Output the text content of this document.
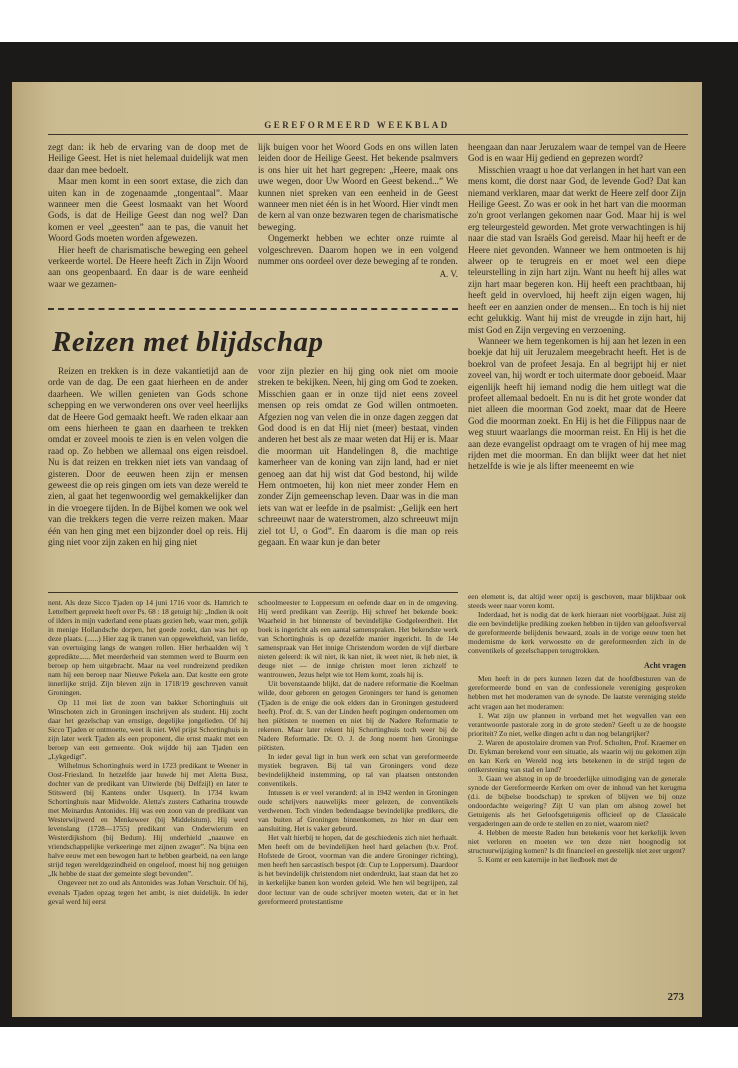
GEREFORMEERD WEEKBLAD

zegt dan: ik heb de ervaring van de doop met de Heilige Geest. Het is niet helemaal duidelijk wat men daar dan mee bedoelt.

Maar men komt in een soort extase, die zich dan uiten kan in de zogenaamde „tongentaal”. Maar wanneer men die Geest losmaakt van het Woord Gods, is dat de Heilige Geest dan nog wel? Dan komen er veel „geesten” aan te pas, die vanuit het Woord Gods moeten worden afgewezen.

Hier heeft de charismatische beweging een geheel verkeerde wortel. De Heere heeft Zich in Zijn Woord aan ons geopenbaard. En daar is de ware eenheid waar we gezamen-

lijk buigen voor het Woord Gods en ons willen laten leiden door de Heilige Geest. Het bekende psalmvers is ons hier uit het hart gegrepen: „Heere, maak ons uwe wegen, door Uw Woord en Geest bekend...” We kunnen niet spreken van een eenheid in de Geest wanneer men niet één is in het Woord. Hier vindt men de kern al van onze bezwaren tegen de charismatische beweging.

Ongemerkt hebben we echter onze ruimte al volgeschreven. Daarom hopen we in een volgend nummer ons oordeel over deze beweging af te ronden.

A. V.

heengaan dan naar Jeruzalem waar de tempel van de Heere God is en waar Hij gediend en geprezen wordt?

Misschien vraagt u hoe dat verlangen in het hart van een mens komt, die dorst naar God, de levende God? Dat kan niemand verklaren, maar dat werkt de Heere zelf door Zijn Heilige Geest. Zo was er ook in het hart van die moorman zo'n groot verlangen gekomen naar God. Maar hij is wel erg teleurgesteld geworden. Met grote verwachtingen is hij naar die stad van Israëls God gereisd. Maar hij heeft er de Heere niet gevonden. Wanneer we hem ontmoeten is hij alweer op te terugreis en er moet wel een diepe teleurstelling in zijn hart zijn. Want nu heeft hij alles wat zijn hart maar begeren kon. Hij heeft een prachtbaan, hij heeft geld in overvloed, hij heeft zijn eigen wagen, hij heeft eer en aanzien onder de mensen... En toch is hij niet echt gelukkig. Want hij mist de vreugde in zijn hart, hij mist God en Zijn vergeving en verzoening.

Wanneer we hem tegenkomen is hij aan het lezen in een boekje dat hij uit Jeruzalem meegebracht heeft. Het is de boekrol van de profeet Jesaja. En al begrijpt hij er niet zoveel van, hij wordt er toch uitermate door geboeid. Maar eigenlijk heeft hij iemand nodig die hem uitlegt wat die profeet allemaal bedoelt. En nu is dit het grote wonder dat niet alleen die moorman God zoekt, maar dat de Heere God die moorman zoekt. En Hij is het die Filippus naar de weg stuurt waarlangs die moorman reist. En Hij is het die aan deze evangelist opdraagt om te vragen of hij mee mag rijden met die moorman. En dan blijkt weer dat het niet hetzelfde is wie je als lifter meeneemt en wie

Reizen met blijdschap

Reizen en trekken is in deze vakantietijd aan de orde van de dag. De een gaat hierheen en de ander daarheen. We willen genieten van Gods schone schepping en we verwonderen ons over veel heerlijks dat de Heere God gemaakt heeft. We raden elkaar aan om eens hierheen te gaan en daarheen te trekken omdat er zoveel moois te zien is en velen volgen die raad op. Zo hebben we allemaal ons eigen reisdoel. Nu is dat reizen en trekken niet iets van vandaag of gisteren. Door de eeuwen heen zijn er mensen geweest die op reis gingen om iets van deze wereld te zien, al gaat het tegenwoordig wel gemakkelijker dan in die vroegere tijden. In de Bijbel komen we ook wel van die trekkers tegen die verre reizen maken. Maar één van hen ging met een bijzonder doel op reis. Hij ging niet voor zijn zaken en hij ging niet

voor zijn plezier en hij ging ook niet om mooie streken te bekijken. Neen, hij ging om God te zoeken. Misschien gaan er in onze tijd niet eens zoveel mensen op reis omdat ze God willen ontmoeten. Afgezien nog van velen die in onze dagen zeggen dat God dood is en dat Hij niet (meer) bestaat, vinden anderen het best als ze maar weten dat Hij er is. Maar die moorman uit Handelingen 8, die machtige kamerheer van de koning van zijn land, had er niet genoeg aan dat hij wist dat God bestond, hij wilde Hem ontmoeten, hij kon niet meer zonder Hem en zonder Zijn gemeenschap leven. Daar was in die man iets van wat er leefde in de psalmist: „Gelijk een hert schreeuwt naar de waterstromen, alzo schreeuwt mijn ziel tot U, o God”. En daarom is die man op reis gegaan. En waar kun je dan beter

nent. Als deze Sicco Tjaden op 14 juni 1716 voor ds. Hamrich te Lettelbert gepreekt heeft over Ps. 68 : 18 getuigt hij: „Indien ik ooit of ilders in mijn vaderland eene plaats gezien heb, waar men, gelijk in menige Hollandsche dorpen, het goede zoekt, dan was het op deze plaats. (......) Hier zag ik tranen van opgewektheid, van liefde, van overtuiging langs de wangen rollen. Hier herhaalden wij 't gepredikte...... Met meerderheid van stemmen werd te Buurm een beroep op hem uitgebracht. Maar na veel rondreizend prediken nam hij een beroep naar Nieuwe Pekela aan. Dat kostte een grote innerlijke strijd. Zijn bleven zijn in 1718/19 geschreven vanuit Groningen.

Op 11 mei liet de zoon van bakker Schortinghuis uit Winschoten zich in Groningen inschrijven als student. Hij zocht daar het gezelschap van ernstige, degelijke jongelieden. Of hij Sicco Tjaden er ontmoette, weet ik niet. Wel prijst Schortinghuis in zijn later werk Tjaden als een proponent, die ernst maakt met een beroep van een gemeente. Ook wijdde hij aan Tjaden een „Lykgedigt”.

Wilhelmus Schortinghuis werd in 1723 predikant te Weener in Oost-Friesland. In hetzelfde jaar huwde hij met Aletta Busz, dochter van de predikant van Uitwierde (bij Delfzijl) en later te Stitswerd (bij Kantens onder Usquert). In 1734 kwam Schortinghuis naar Midwolde. Aletta's zusters Catharina trouwde met Meinardus Antonides. Hij was een zoon van de predikant van Westerwijtwerd en Menkeweer (bij Middelstum). Hij werd levenslang (1728—1755) predikant van Onderwierum en Westerdijkshorn (bij Bedum). Hij onderhield „naauwe en vriendschappelijke verkeeringe met zijnen zwager”. Na bijna een halve eeuw met een bewogen hart te hebben gearbeid, na een lange strijd tegen wereldgezindheid en ongeloof, moest hij nog getuigen „Ik hebbe de staat der gemeinte slegt bevonden”.

Ongeveer net zo oud als Antonides was Johan Verschuir. Of hij, evenals Tjaden opzag tegen het ambt, is niet duidelijk. In ieder geval werd hij eerst

schoolmeester te Loppersum en oefende daar en in de omgeving. Hij werd predikant van Zeerijp. Hij schreef het bekende boek: Waarheid in het binnenste of bevindelijke Godgeleerdheit. Het boek is ingericht als een aantal samenspraken. Het bekendste werk van Schortinghuis is op dezelfde manier ingericht. In de 14e samenspraak van Het innige Christendom worden de vijf dierbare nieten geleerd: ik wil niet, ik kan niet, ik weet niet, ik heb niet, ik deuge niet — de innige christen moet leren zichzelf te wantrouwen, Jezus helpt wie tot Hem komt, zoals hij is.

Uit bovenstaande blijkt, dat de nadere reformatie die Koelman wilde, door geboren en getogen Groningers ter hand is genomen (Tjaden is de enige die ook elders dan in Groningen gestudeerd heeft). Prof. dr. S. van der Linden heeft pogingen ondernomen om hen piëtisten te noemen en niet bij de Nadere Reformatie te rekenen. Maar later rekent hij Schortinghuis toch weer bij de Nadere Reformatie. Dr. O. J. de Jong noemt hen Groningse piëtisten.

In ieder geval ligt in hun werk een schat van gereformeerde mystiek begraven. Bij tal van Groningers vond deze bevindelijkheid instemming, op tal van plaatsen ontstonden conventikels.

Intussen is er veel veranderd: al in 1942 werden in Groningen oude schrijvers nauwelijks meer gelezen, de conventikels verdwenen. Toch vinden bedendaagse bevindelijke predikers, die van buiten af Groningen binnenkomen, zo hier en daar een aansluiting. Het is vaker gebeurd.

Het valt hierbij te hopen, dat de geschiedenis zich niet herhaalt. Men heeft om de bevindelijken heel hard gelachen (b.v. Prof. Hofstede de Groot, voorman van die andere Groninger richting), men heeft hen sarcastisch bespot (dr. Cup te Loppersum). Daardoor is het bevindelijk christendom niet onderdrukt, laat staan dat het zo in kerkelijke banen kon worden geleid. Wie hen wil begrijpen, zal door lectuur van de oude schrijver moeten weten, dat er in het gereformeerd protestantisme

een element is, dat altijd weer opzij is geschoven, maar blijkbaar ook steeds weer naar voren komt.

Inderdaad, het is nodig dat de kerk hieraan niet voorbijgaat. Juist zij die een bevindelijke prediking zoeken hebben in tijden van geloofsverval de gereformeerde belijdenis bewaard, zoals in de vorige eeuw toen het modernisme de kerk verwoestte en de gereformeerden zich in de conventikels of gezelschappen terugtrokken.

Acht vragen

Men heeft in de pers kunnen lezen dat de hoofdbesturen van de gereformeerde bond en van de confessionele vereniging gesproken hebben met het moderamen van de synode. De laatste vereniging stelde acht vragen aan het moderamen:

1. Wat zijn uw plannen in verband met het wegvallen van een verantwoorde pastorale zorg in de grote steden? Geeft u ze de hoogste prioriteit? Zo niet, welke dingen acht u dan nog belangrijker?

2. Waren de apostolaire dromen van Prof. Scholten, Prof. Kraemer en Dr. Eykman berekend voor een situatie, als waarin wij nu gekomen zijn en kan Kerk en Wereld nog iets betekenen in de strijd tegen de ontkerstening van stad en land?

3. Gaan we alsnog in op de broederlijke uitnodiging van de generale synode der Gereformeerde Kerken om over de inhoud van het kerugma (d.i. de bijbelse boodschap) te spreken of blijven we bij onze ondoordachte weigering? Zijt U van plan om alsnog zowel het Getuigenis als het Geloofsgetuigenis officieel op de Classicale vergaderingen aan de orde te stellen en zo niet, waarom niet?

4. Hebben de meeste Raden hun betekenis voor het kerkelijk leven niet verloren en moeten we ten deze niet hoognodig tot structuurwijziging komen? Is dit financieel en geestelijk niet zeer urgent?

5. Komt er een katernije in het liedboek met de

273
